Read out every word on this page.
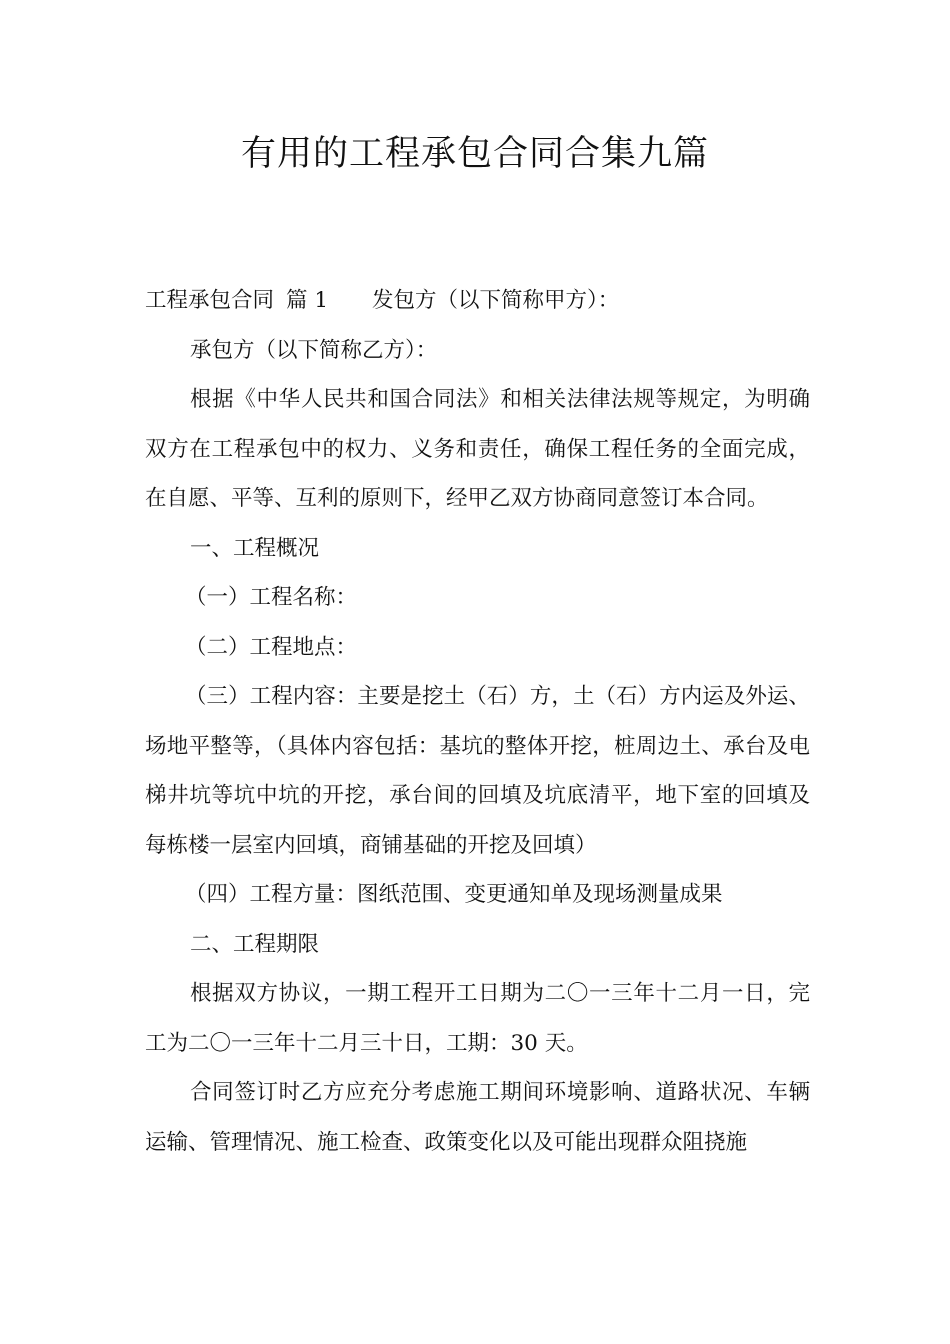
有用的工程承包合同合集九篇

工程承包合同 篇 1 发包方（以下简称甲方）：

承包方（以下简称乙方）：

根据《中华人民共和国合同法》和相关法律法规等规定，为明确双方在工程承包中的权力、义务和责任，确保工程任务的全面完成，在自愿、平等、互利的原则下，经甲乙双方协商同意签订本合同。

一、工程概况

（一）工程名称：

（二）工程地点：

（三）工程内容：主要是挖土（石）方，土（石）方内运及外运、场地平整等，（具体内容包括：基坑的整体开挖，桩周边土、承台及电梯井坑等坑中坑的开挖，承台间的回填及坑底清平，地下室的回填及每栋楼一层室内回填，商铺基础的开挖及回填）

（四）工程方量：图纸范围、变更通知单及现场测量成果

二、工程期限

根据双方协议，一期工程开工日期为二〇一三年十二月一日，完工为二〇一三年十二月三十日，工期：30 天。

合同签订时乙方应充分考虑施工期间环境影响、道路状况、车辆运输、管理情况、施工检查、政策变化以及可能出现群众阻挠施
